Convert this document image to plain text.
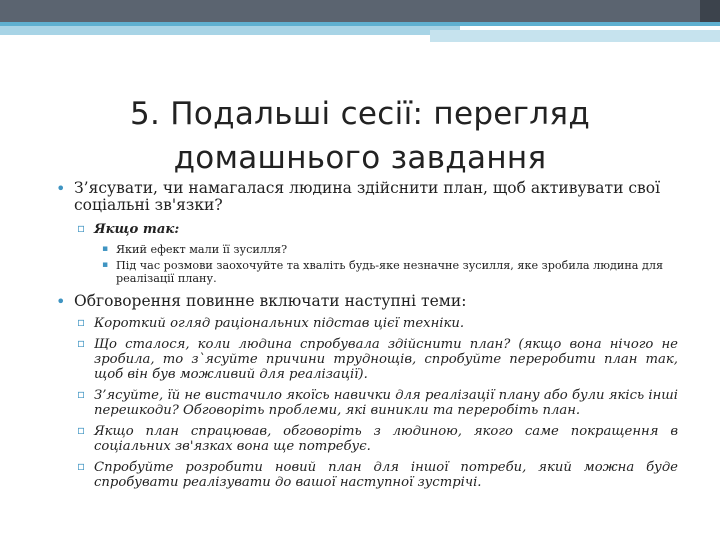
5. Подальші сесії: перегляд
домашнього завдання
• З’ясувати, чи намагалася людина здійснити план, щоб активувати свої соціальні зв'язки?
▫ Якщо так:
▪ Який ефект мали її зусилля?
▪ Під час розмови заохочуйте та хваліть будь-яке незначне зусилля, яке зробила людина для реалізації плану.
• Обговорення повинне включати наступні теми:
▫ Короткий огляд раціональних підстав цієї техніки.
▫ Що сталося, коли людина спробувала здійснити план? (якщо вона нічого не зробила, то з`ясуйте причини труднощів, спробуйте переробити план так, щоб він був можливий для реалізації).
▫ З’ясуйте, їй не вистачило якоїсь навички для реалізації плану або були якісь інші перешкоди? Обговоріть проблеми, які виникли та переробіть план.
▫ Якщо план спрацював, обговоріть з людиною, якого саме покращення в соціальних зв'язках вона ще потребує.
▫ Спробуйте розробити новий план для іншої потреби, який можна буде спробувати реалізувати до вашої наступної зустрічі.
